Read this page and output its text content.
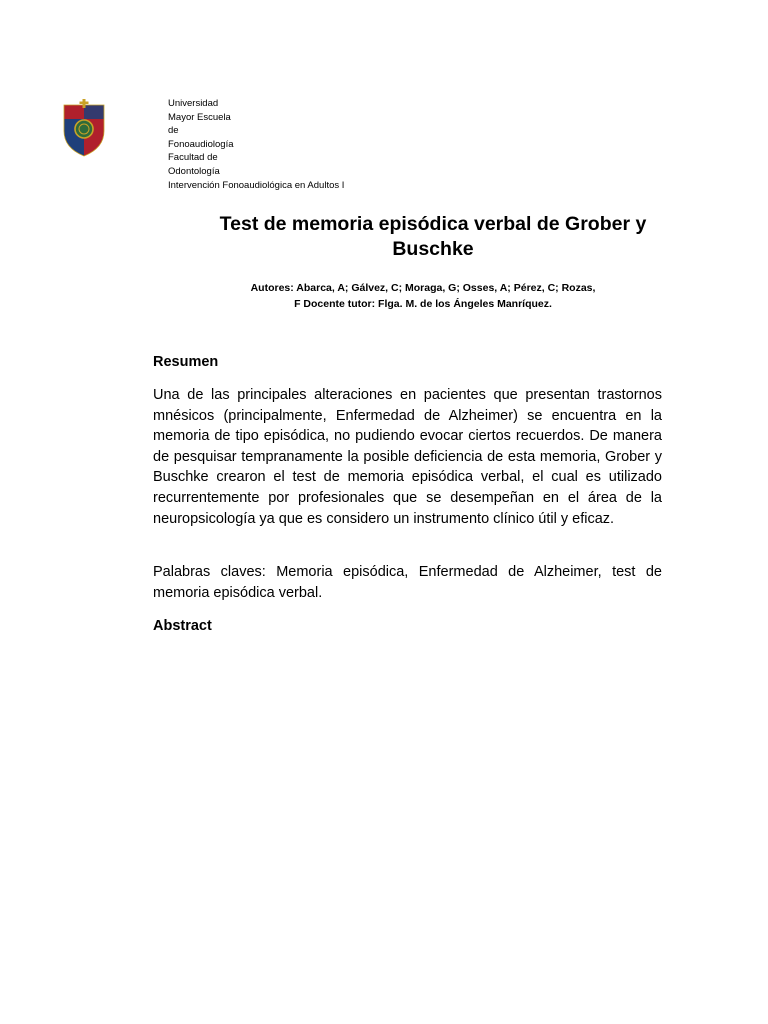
Universidad
Mayor Escuela
de
Fonoaudiología
Facultad de
Odontología
Intervención Fonoaudiológica en Adultos I
Test de memoria episódica verbal de Grober y Buschke
Autores: Abarca, A; Gálvez, C; Moraga, G; Osses, A; Pérez, C; Rozas,
F Docente tutor: Flga. M. de los Ángeles Manríquez.
Resumen
Una de las principales alteraciones en pacientes que presentan trastornos mnésicos (principalmente, Enfermedad de Alzheimer) se encuentra en la memoria de tipo episódica, no pudiendo evocar ciertos recuerdos. De manera de pesquisar tempranamente la posible deficiencia de esta memoria, Grober y Buschke crearon el test de memoria episódica verbal, el cual es utilizado recurrentemente por profesionales que se desempeñan en el área de la neuropsicología ya que es considero un instrumento clínico útil y eficaz.
Palabras claves: Memoria episódica, Enfermedad de Alzheimer, test de memoria episódica verbal.
Abstract
